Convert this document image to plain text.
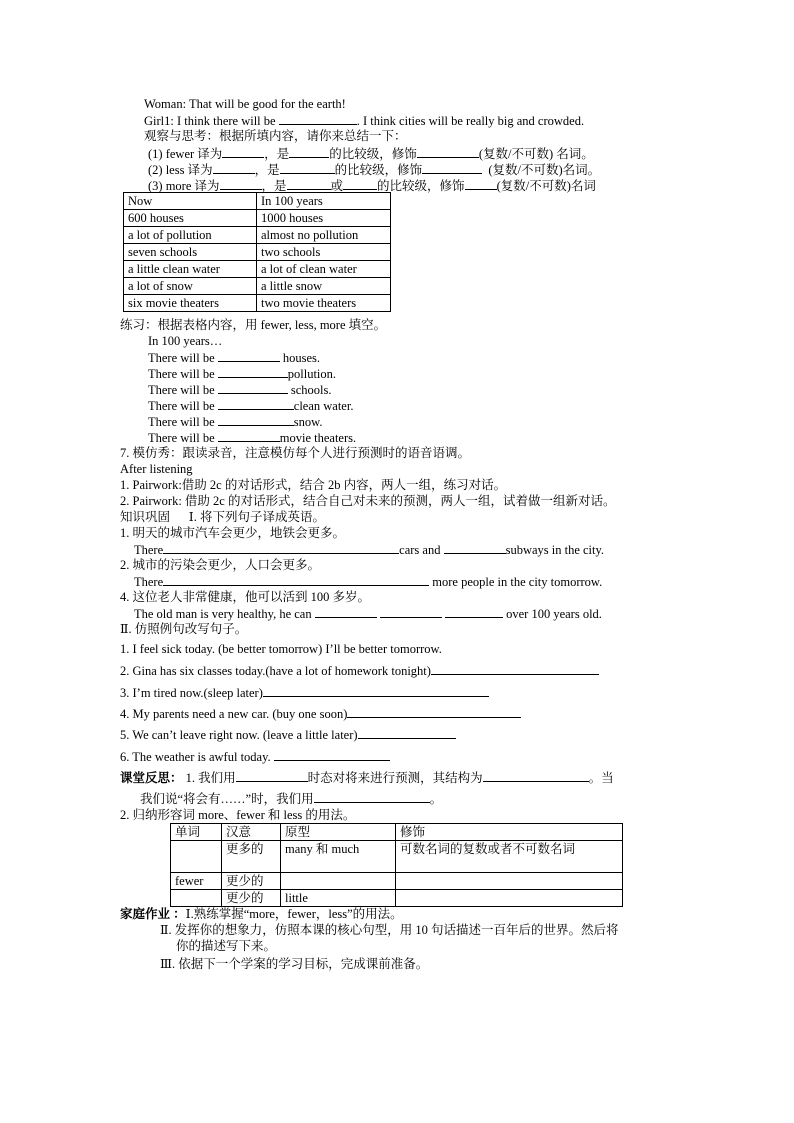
Woman: That will be good for the earth!
Girl1: I think there will be	. I think cities will be really big and crowded.
观察与思考：根据所填内容，请你来总结一下：
(1) fewer 译为	，是	的比较级，修饰	(复数/不可数) 名词。
(2) less 译为	，是	的比较级，修饰	(复数/不可数)名词。
(3) more 译为	，是	或	的比较级，修饰	(复数/不可数)名词
Now	In 100 years
600 houses	1000 houses
a lot of pollution	almost no pollution
seven schools	two schools
a little clean water	a lot of clean water
a lot of snow	a little snow
six movie theaters	two movie theaters
练习：根据表格内容，用 fewer, less, more 填空。
In 100 years…
There will be	houses.
There will be	pollution.
There will be	schools.
There will be	clean water.
There will be	snow.
There will be	movie theaters.
7. 模仿秀：跟读录音，注意模仿每个人进行预测时的语音语调。
After listening
1. Pairwork:借助 2c 的对话形式，结合 2b 内容，两人一组，练习对话。
2. Pairwork: 借助 2c 的对话形式，结合自己对未来的预测，两人一组，试着做一组新对话。
知识巩固      Ⅰ. 将下列句子译成英语。
1. 明天的城市汽车会更少，地铁会更多。
There	cars and	subways in the city.
2. 城市的污染会更少，人口会更多。
There	more people in the city tomorrow.
4. 这位老人非常健康，他可以活到 100 多岁。
The old man is very healthy, he can	over 100 years old.
Ⅱ. 仿照例句改写句子。
1. I feel sick today. (be better tomorrow) I’ll be better tomorrow.
2. Gina has six classes today.(have a lot of homework tonight)
3. I’m tired now.(sleep later)
4. My parents need a new car. (buy one soon)
5. We can’t leave right now. (leave a little later)
6. The weather is awful today.
课堂反思： 1. 我们用	时态对将来进行预测，其结构为	。当
我们说“将会有……”时，我们用	。
2. 归纳形容词 more、fewer 和 less 的用法。
单词	汉意	原型	修饰
	更多的	many 和 much	可数名词的复数或者不可数名词
fewer	更少的		
	更少的	little	
家庭作业 ：Ⅰ.熟练掌握“more，fewer，less”的用法。
Ⅱ. 发挥你的想象力，仿照本课的核心句型，用 10 句话描述一百年后的世界。然后将
你的描述写下来。
Ⅲ. 依据下一个学案的学习目标，完成课前准备。
